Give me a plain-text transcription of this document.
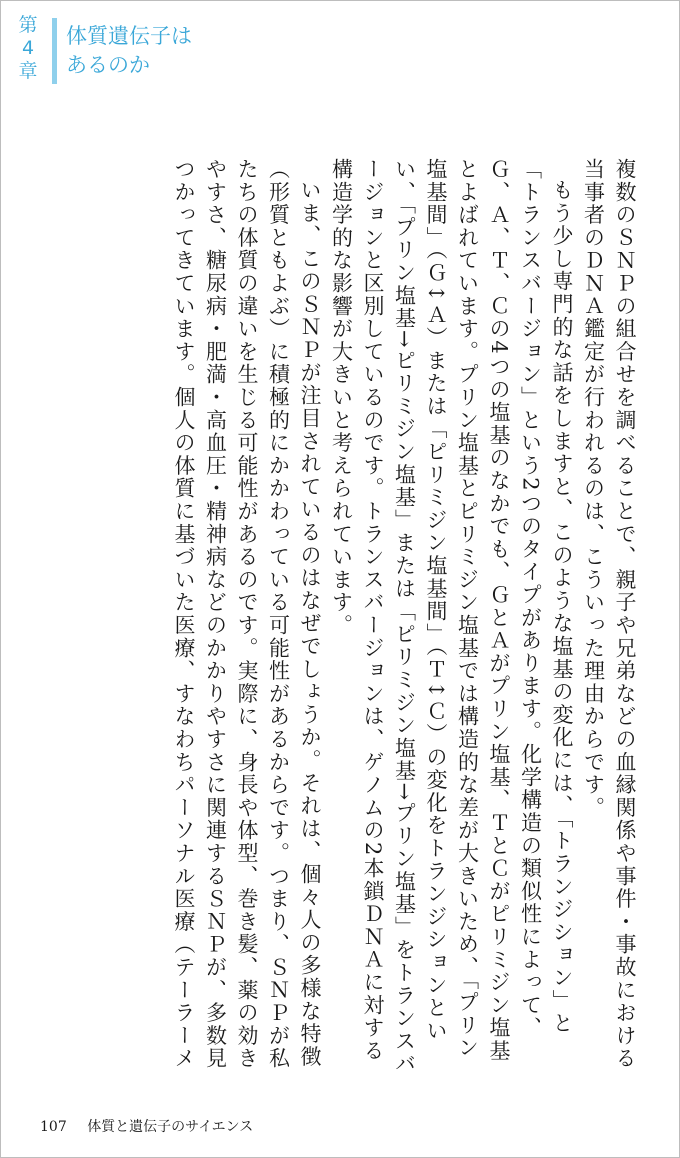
第
4
章
体質遺伝子は
あるのか

複数のＳＮＰの組合せを調べることで、親子や兄弟などの血縁関係や事件・事故における当事者のＤＮＡ鑑定が行われるのは、こういった理由からです。

もう少し専門的な話をしますと、このような塩基の変化には、「トランジション」と「トランスバージョン」という2つのタイプがあります。化学構造の類似性によって、Ｇ、Ａ、Ｔ、Ｃの4つの塩基のなかでも、ＧとＡがプリン塩基、ＴとＣがピリミジン塩基とよばれています。プリン塩基とピリミジン塩基では構造的な差が大きいため、「プリン塩基間」（Ｇ↕Ａ）または「ピリミジン塩基間」（Ｔ↕Ｃ）の変化をトランジションといい、「プリン塩基→ピリミジン塩基」または「ピリミジン塩基→プリン塩基」をトランスバージョンと区別しているのです。トランスバージョンは、ゲノムの2本鎖ＤＮＡに対する構造学的な影響が大きいと考えられています。

いま、このＳＮＰが注目されているのはなぜでしょうか。それは、個々人の多様な特徴（形質ともよぶ）に積極的にかかわっている可能性があるからです。つまり、ＳＮＰが私たちの体質の違いを生じる可能性があるのです。実際に、身長や体型、巻き髪、薬の効きやすさ、糖尿病・肥満・高血圧・精神病などのかかりやすさに関連するＳＮＰが、多数見つかってきています。個人の体質に基づいた医療、すなわちパーソナル医療（テーラーメ

107 体質と遺伝子のサイエンス
